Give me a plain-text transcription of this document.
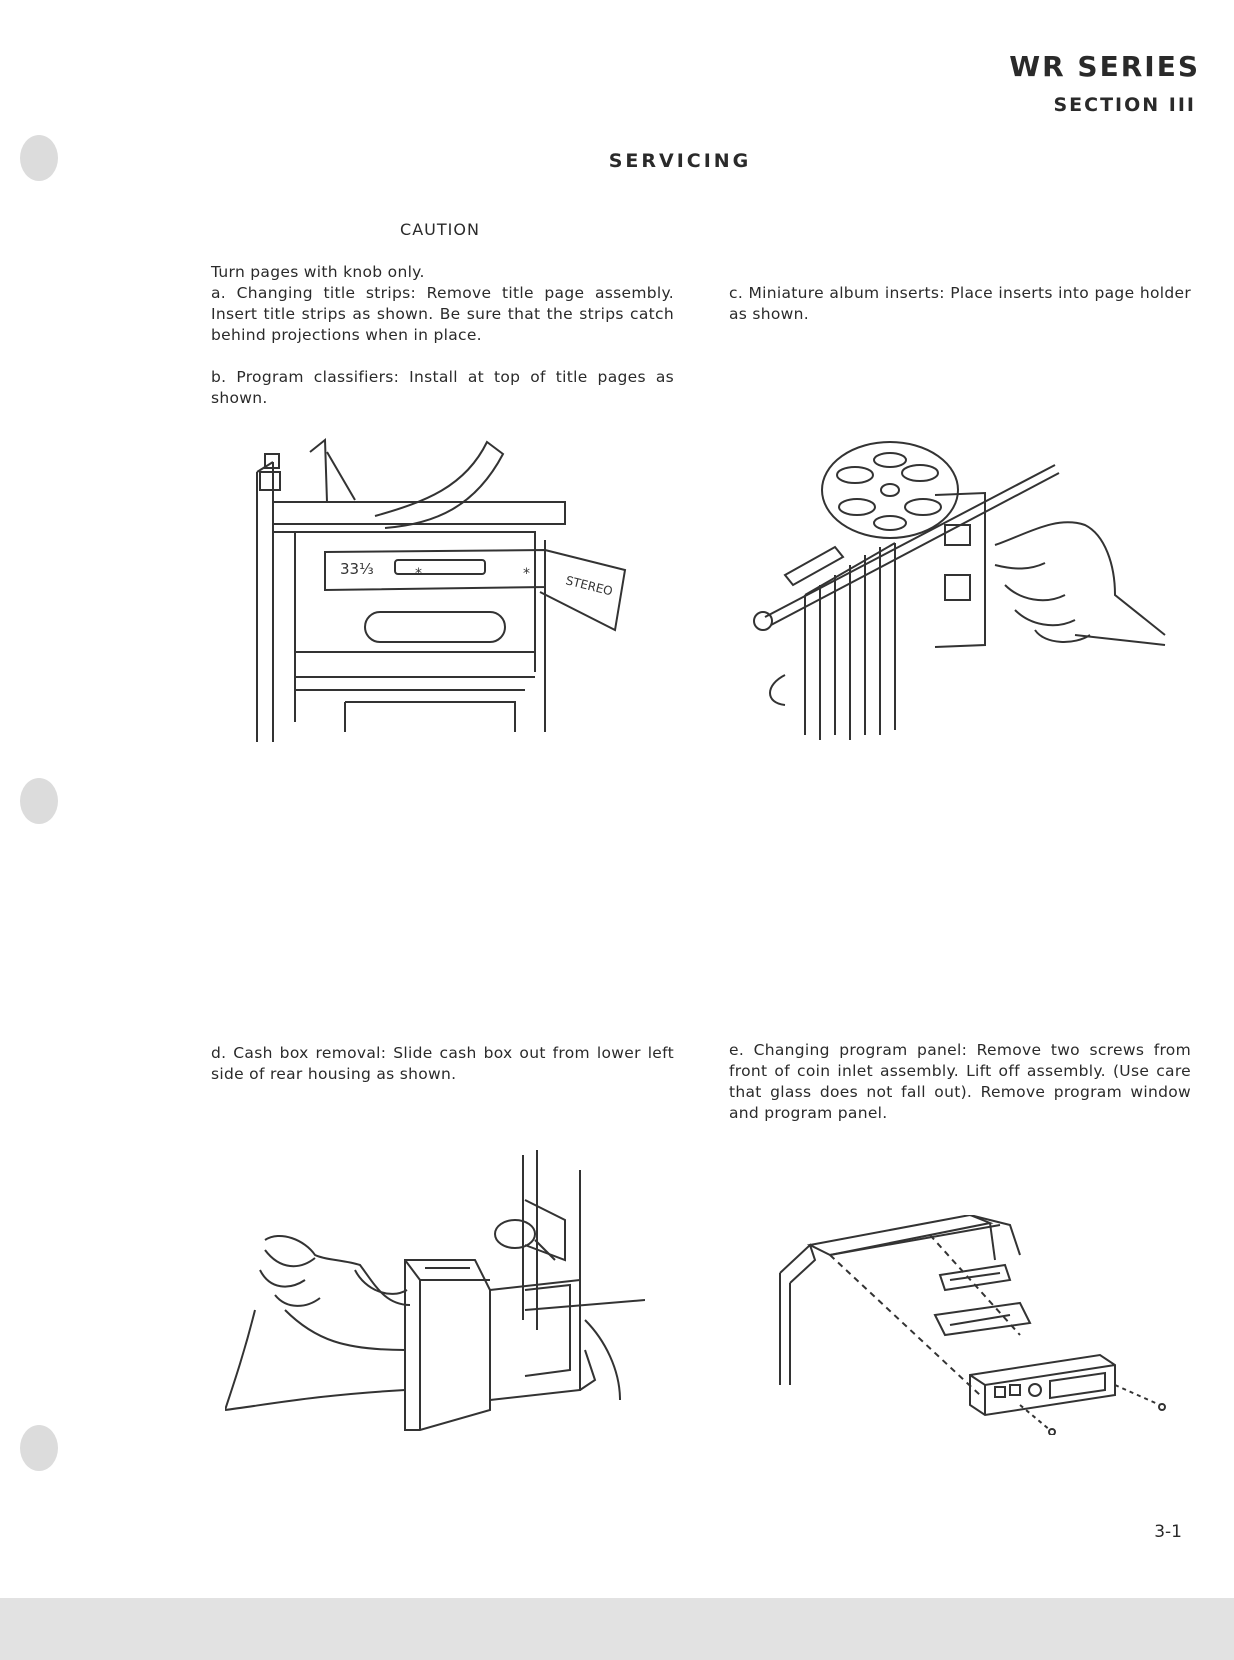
WR SERIES
SECTION III
SERVICING
CAUTION

Turn pages with knob only.

a. Changing title strips: Remove title page assembly. Insert title strips as shown. Be sure that the strips catch behind projections when in place.

b. Program classifiers: Install at top of title pages as shown.

c. Miniature album inserts: Place inserts into page holder as shown.

d. Cash box removal: Slide cash box out from lower left side of rear housing as shown.

e. Changing program panel: Remove two screws from front of coin inlet assembly. Lift off assembly. (Use care that glass does not fall out). Remove program window and program panel.

33⅓
STEREO
*	*
3-1
